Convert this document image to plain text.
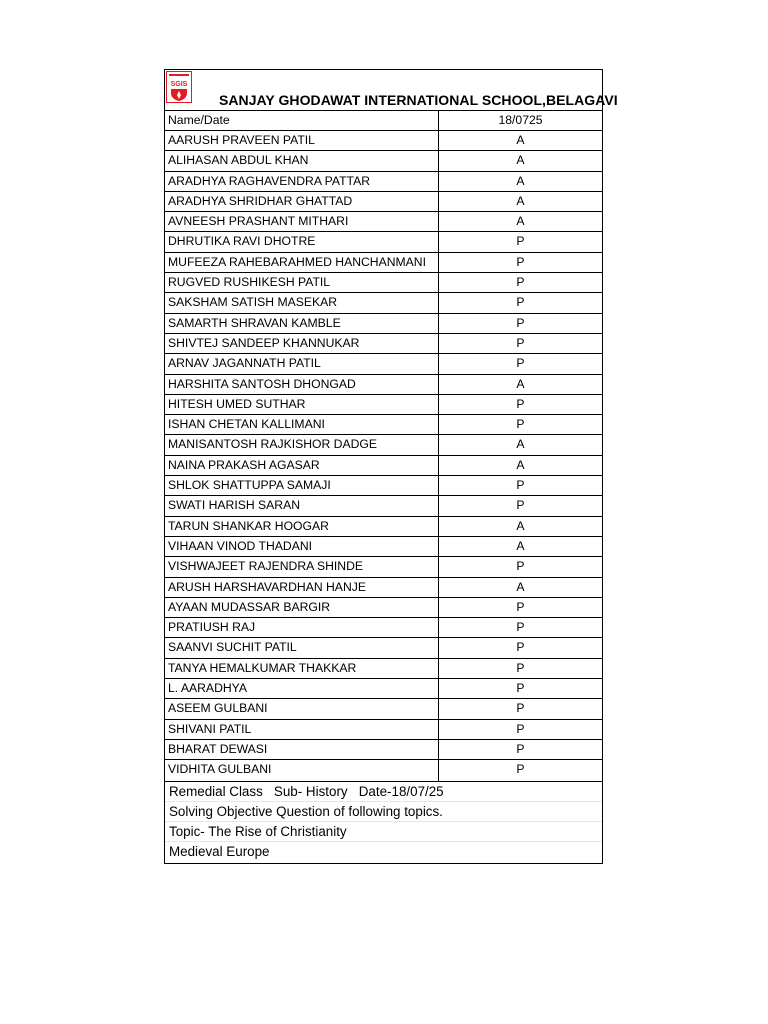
SGIS
SANJAY GHODAWAT INTERNATIONAL SCHOOL,BELAGAVI
Name/Date	18/0725
AARUSH PRAVEEN PATIL	A
ALIHASAN ABDUL KHAN	A
ARADHYA RAGHAVENDRA PATTAR	A
ARADHYA SHRIDHAR GHATTAD	A
AVNEESH PRASHANT MITHARI	A
DHRUTIKA RAVI DHOTRE	P
MUFEEZA RAHEBARAHMED HANCHANMANI	P
RUGVED RUSHIKESH PATIL	P
SAKSHAM SATISH MASEKAR	P
SAMARTH SHRAVAN KAMBLE	P
SHIVTEJ SANDEEP KHANNUKAR	P
ARNAV JAGANNATH PATIL	P
HARSHITA SANTOSH DHONGAD	A
HITESH UMED SUTHAR	P
ISHAN CHETAN KALLIMANI	P
MANISANTOSH RAJKISHOR DADGE	A
NAINA PRAKASH AGASAR	A
SHLOK SHATTUPPA SAMAJI	P
SWATI HARISH SARAN	P
TARUN SHANKAR HOOGAR	A
VIHAAN VINOD THADANI	A
VISHWAJEET RAJENDRA SHINDE	P
ARUSH HARSHAVARDHAN HANJE	A
AYAAN MUDASSAR BARGIR	P
PRATIUSH RAJ	P
SAANVI SUCHIT PATIL	P
TANYA HEMALKUMAR THAKKAR	P
L. AARADHYA	P
ASEEM GULBANI	P
SHIVANI PATIL	P
BHARAT DEWASI	P
VIDHITA GULBANI	P
Remedial Class   Sub- History   Date-18/07/25
Solving Objective Question of following topics.
Topic- The Rise of Christianity
Medieval Europe
